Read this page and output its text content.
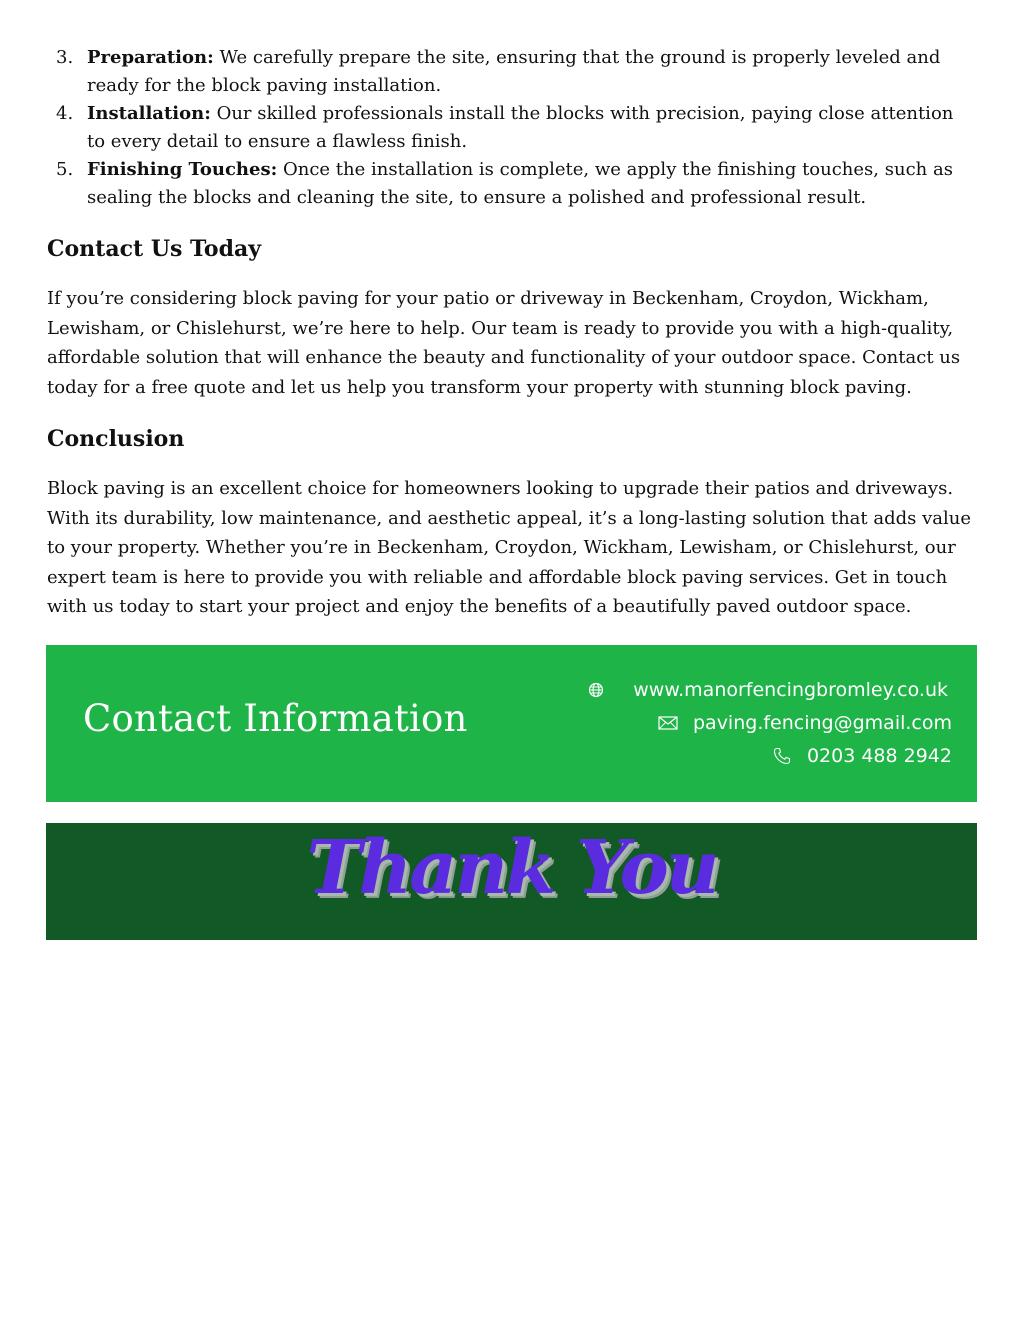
3. Preparation: We carefully prepare the site, ensuring that the ground is properly leveled and ready for the block paving installation.
4. Installation: Our skilled professionals install the blocks with precision, paying close attention to every detail to ensure a flawless finish.
5. Finishing Touches: Once the installation is complete, we apply the finishing touches, such as sealing the blocks and cleaning the site, to ensure a polished and professional result.
Contact Us Today

If you’re considering block paving for your patio or driveway in Beckenham, Croydon, Wickham, Lewisham, or Chislehurst, we’re here to help. Our team is ready to provide you with a high-quality, affordable solution that will enhance the beauty and functionality of your outdoor space. Contact us today for a free quote and let us help you transform your property with stunning block paving.

Conclusion

Block paving is an excellent choice for homeowners looking to upgrade their patios and driveways. With its durability, low maintenance, and aesthetic appeal, it’s a long-lasting solution that adds value to your property. Whether you’re in Beckenham, Croydon, Wickham, Lewisham, or Chislehurst, our expert team is here to provide you with reliable and affordable block paving services. Get in touch with us today to start your project and enjoy the benefits of a beautifully paved outdoor space.

Contact Information
www.manorfencingbromley.co.uk
paving.fencing@gmail.com
0203 488 2942
Thank You
